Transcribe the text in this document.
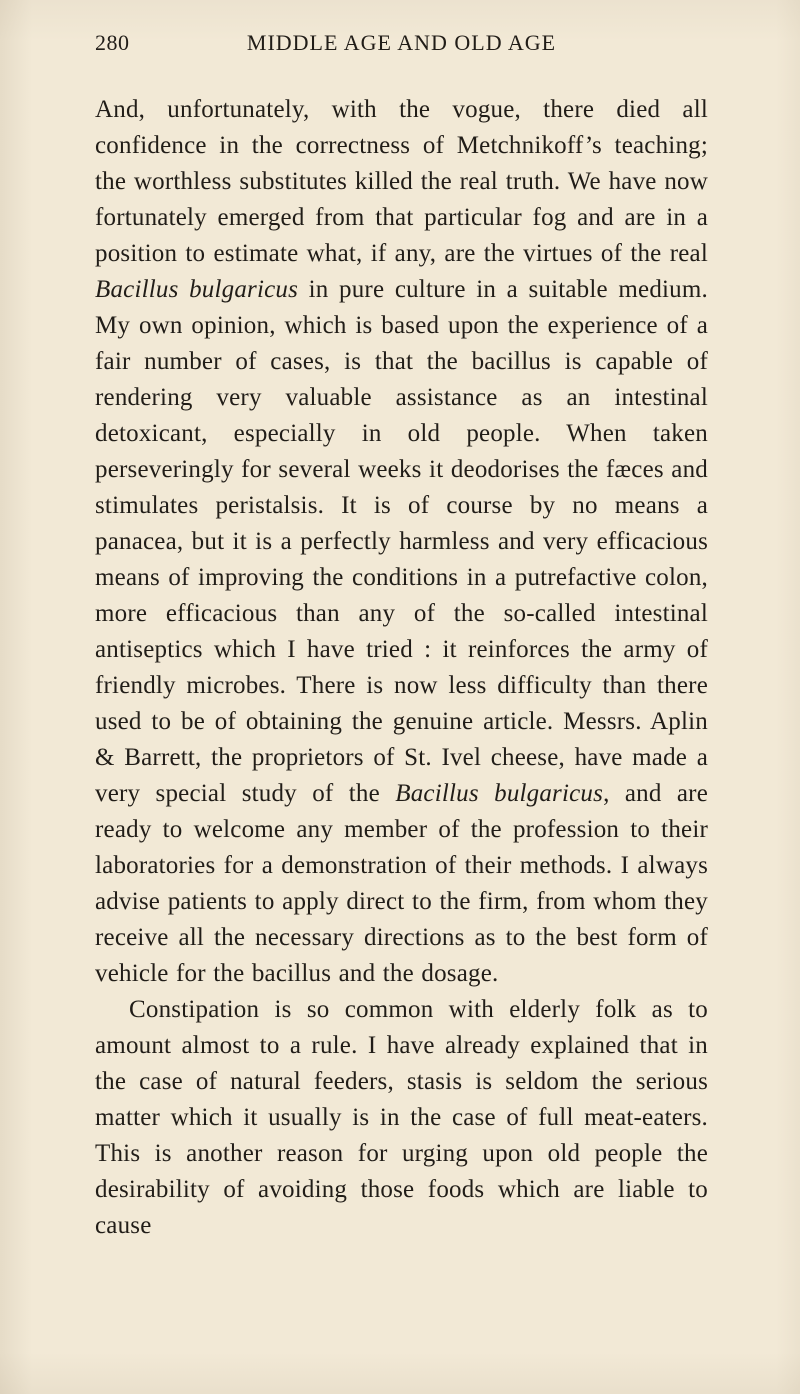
280	MIDDLE AGE AND OLD AGE

And, unfortunately, with the vogue, there died all confidence in the correctness of Metchnikoff’s teaching; the worthless substitutes killed the real truth. We have now fortunately emerged from that particular fog and are in a position to estimate what, if any, are the virtues of the real Bacillus bulgaricus in pure culture in a suitable medium. My own opinion, which is based upon the experience of a fair number of cases, is that the bacillus is capable of rendering very valuable assistance as an intestinal detoxicant, especially in old people. When taken perseveringly for several weeks it deodorises the fæces and stimulates peristalsis. It is of course by no means a panacea, but it is a perfectly harmless and very efficacious means of improving the conditions in a putrefactive colon, more efficacious than any of the so-called intestinal antiseptics which I have tried : it reinforces the army of friendly microbes. There is now less difficulty than there used to be of obtaining the genuine article. Messrs. Aplin & Barrett, the proprietors of St. Ivel cheese, have made a very special study of the Bacillus bulgaricus, and are ready to welcome any member of the profession to their laboratories for a demonstration of their methods. I always advise patients to apply direct to the firm, from whom they receive all the necessary directions as to the best form of vehicle for the bacillus and the dosage.

Constipation is so common with elderly folk as to amount almost to a rule. I have already explained that in the case of natural feeders, stasis is seldom the serious matter which it usually is in the case of full meat-eaters. This is another reason for urging upon old people the desirability of avoiding those foods which are liable to cause
